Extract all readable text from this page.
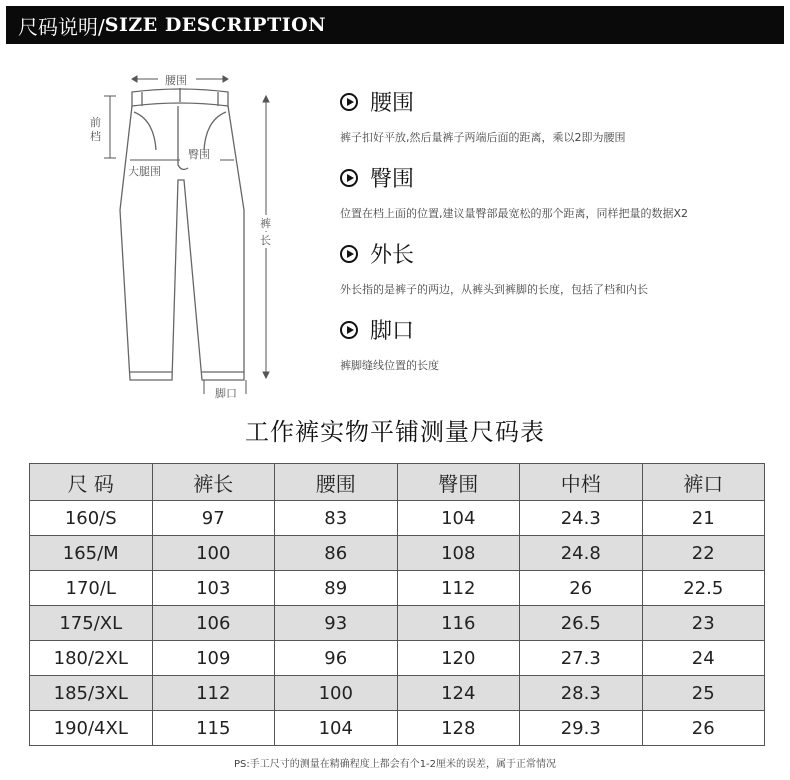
尺码说明/ SIZE DESCRIPTION
腰围
前
档
臀围
大腿围
裤
长
脚口
腰围
裤子扣好平放,然后量裤子两端后面的距离，乘以2即为腰围
臀围
位置在档上面的位置,建议量臀部最宽松的那个距离，同样把量的数据X2
外长
外长指的是裤子的两边，从裤头到裤脚的长度，包括了档和内长
脚口
裤脚缝线位置的长度
工作裤实物平铺测量尺码表
尺 码	裤长	腰围	臀围	中档	裤口
160/S	97	83	104	24.3	21
165/M	100	86	108	24.8	22
170/L	103	89	112	26	22.5
175/XL	106	93	116	26.5	23
180/2XL	109	96	120	27.3	24
185/3XL	112	100	124	28.3	25
190/4XL	115	104	128	29.3	26
PS:手工尺寸的测量在精确程度上都会有个1-2厘米的误差，属于正常情况
